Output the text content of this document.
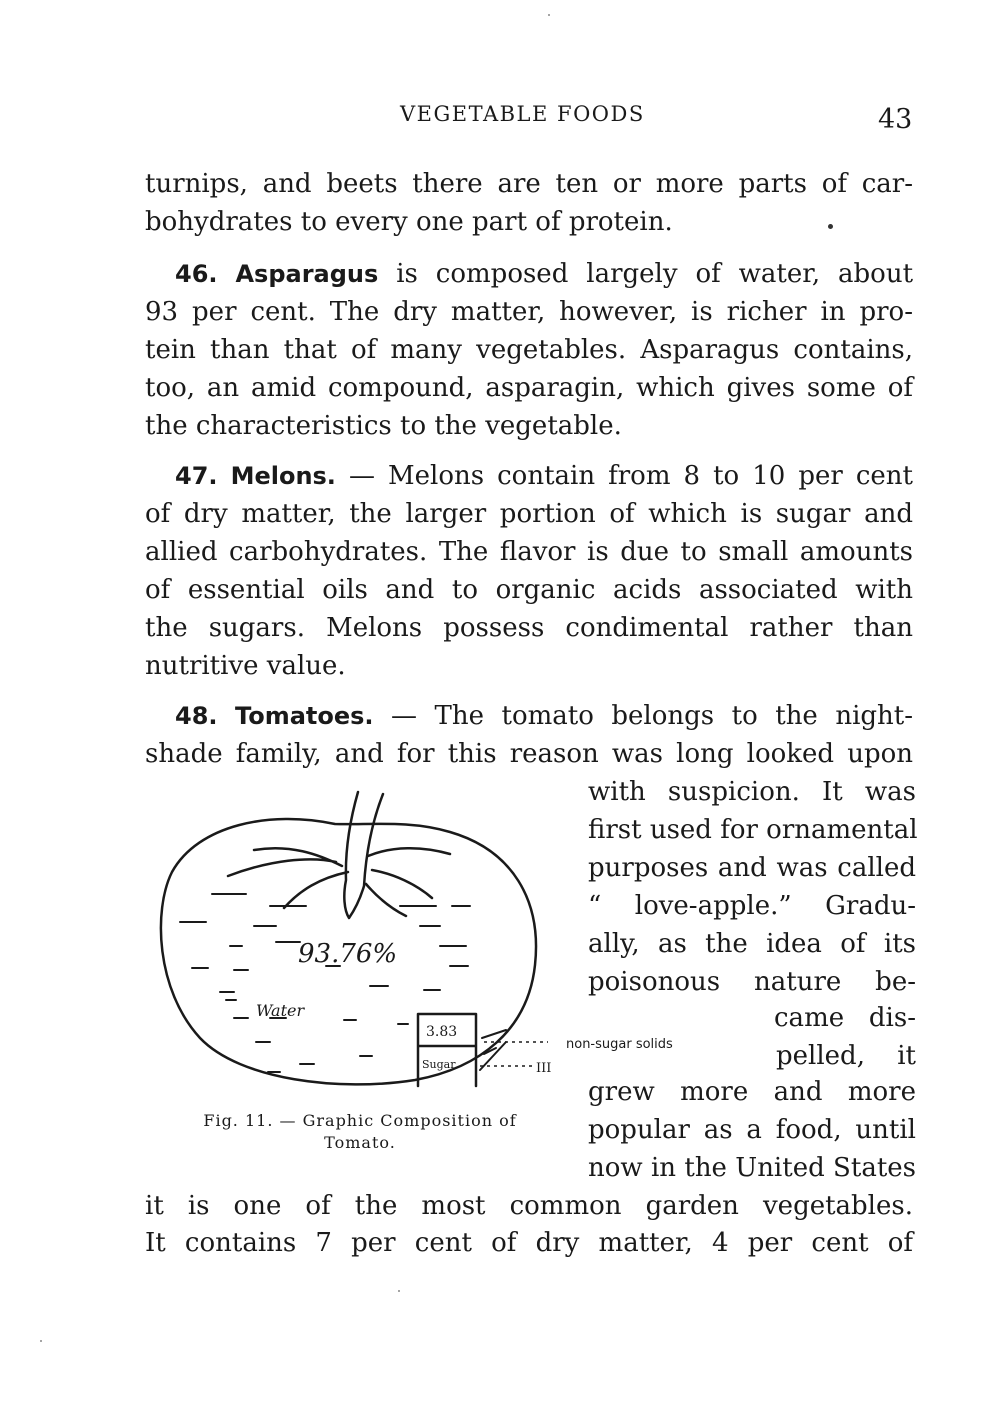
VEGETABLE FOODS	43
turnips, and beets there are ten or more parts of car-
bohydrates to every one part of protein.
46. Asparagus is composed largely of water, about
93 per cent. The dry matter, however, is richer in pro-
tein than that of many vegetables. Asparagus contains,
too, an amid compound, asparagin, which gives some of
the characteristics to the vegetable.
47. Melons. — Melons contain from 8 to 10 per cent
of dry matter, the larger portion of which is sugar and
allied carbohydrates. The flavor is due to small amounts
of essential oils and to organic acids associated with
the sugars. Melons possess condimental rather than
nutritive value.
48. Tomatoes. — The tomato belongs to the night-
shade family, and for this reason was long looked upon
with suspicion. It was
first used for ornamental
purposes and was called
“ love-apple.” Gradu-
ally, as the idea of its
poisonous nature be-
came dis-
pelled, it
grew more and more
popular as a food, until
now in the United States
it is one of the most common garden vegetables.
It contains 7 per cent of dry matter, 4 per cent of
93.76%
Water
3.83
Sugar
non-sugar solids
III
Fig. 11. — Graphic Composition of
Tomato.
